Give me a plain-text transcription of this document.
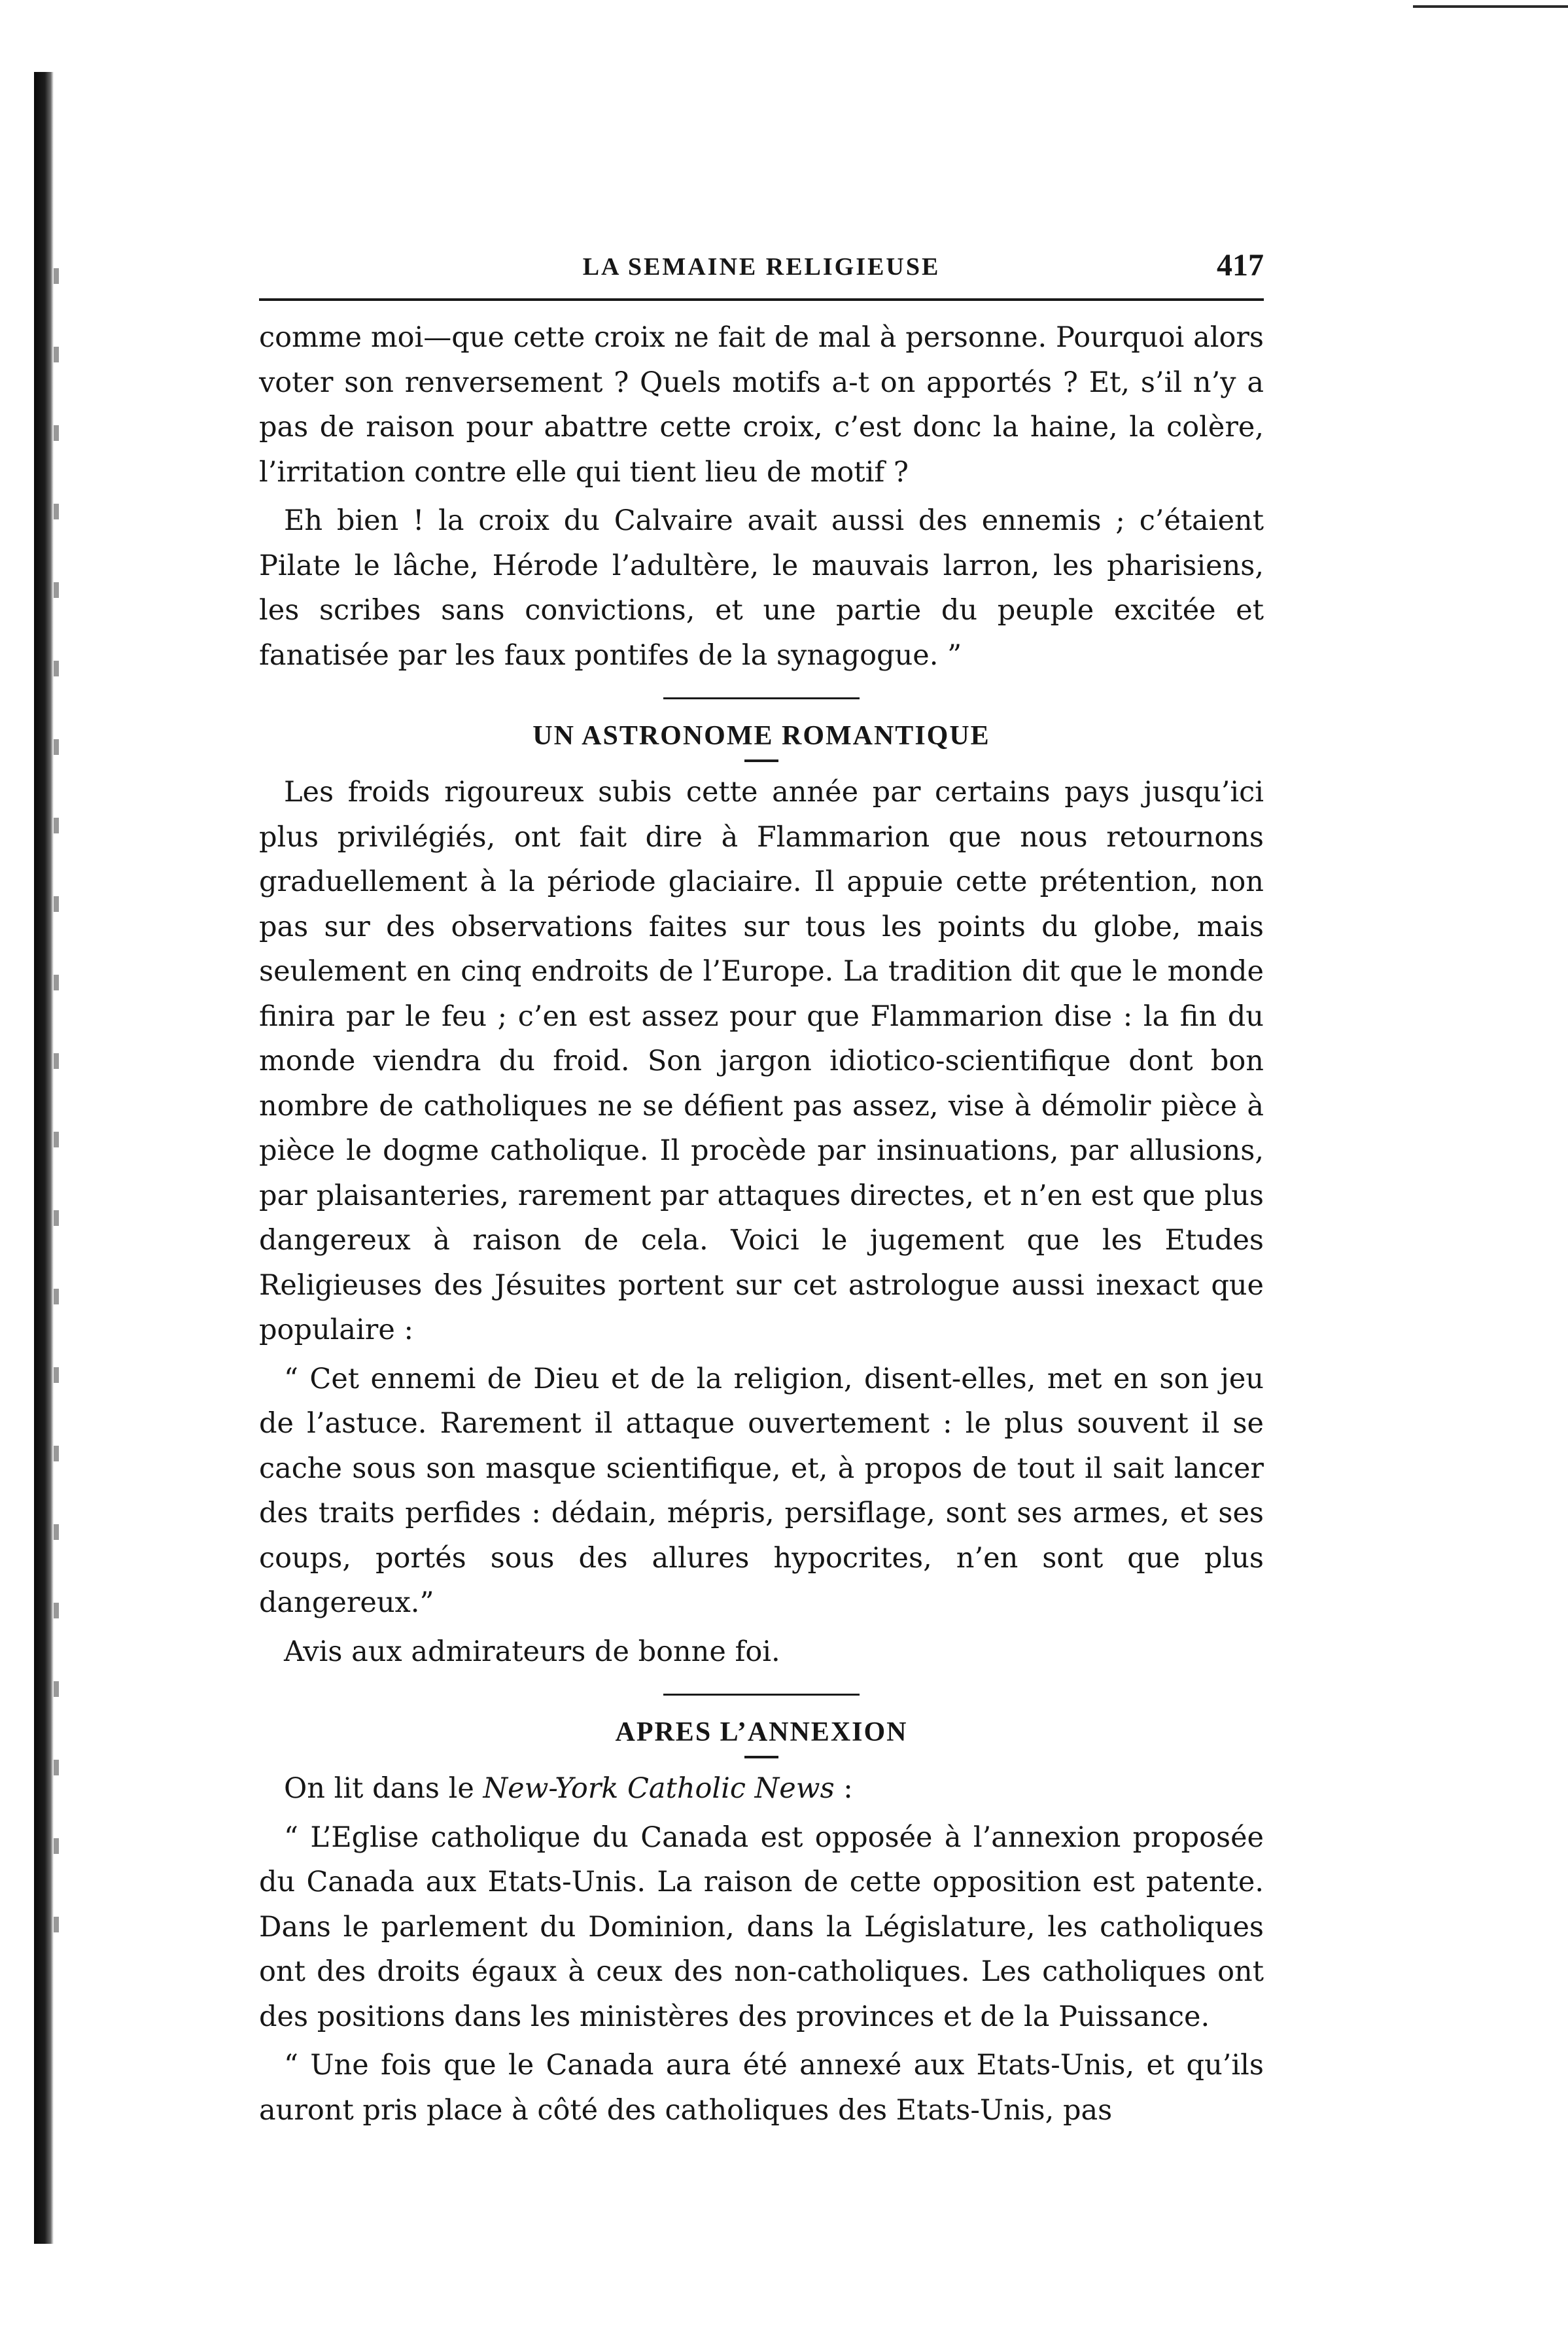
LA SEMAINE RELIGIEUSE	417

comme moi—que cette croix ne fait de mal à personne. Pourquoi alors voter son renversement ? Quels motifs a-t on apportés ? Et, s’il n’y a pas de raison pour abattre cette croix, c’est donc la haine, la colère, l’irritation contre elle qui tient lieu de motif ?

Eh bien ! la croix du Calvaire avait aussi des ennemis ; c’étaient Pilate le lâche, Hérode l’adultère, le mauvais larron, les pharisiens, les scribes sans convictions, et une partie du peuple excitée et fanatisée par les faux pontifes de la synagogue. ”

UN ASTRONOME ROMANTIQUE

Les froids rigoureux subis cette année par certains pays jusqu’ici plus privilégiés, ont fait dire à Flammarion que nous retournons graduellement à la période glaciaire. Il appuie cette prétention, non pas sur des observations faites sur tous les points du globe, mais seulement en cinq endroits de l’Europe. La tradition dit que le monde finira par le feu ; c’en est assez pour que Flammarion dise : la fin du monde viendra du froid. Son jargon idiotico-scientifique dont bon nombre de catholiques ne se défient pas assez, vise à démolir pièce à pièce le dogme catholique. Il procède par insinuations, par allusions, par plaisanteries, rarement par attaques directes, et n’en est que plus dangereux à raison de cela. Voici le jugement que les Etudes Religieuses des Jésuites portent sur cet astrologue aussi inexact que populaire :

“ Cet ennemi de Dieu et de la religion, disent-elles, met en son jeu de l’astuce. Rarement il attaque ouvertement : le plus souvent il se cache sous son masque scientifique, et, à propos de tout il sait lancer des traits perfides : dédain, mépris, persiflage, sont ses armes, et ses coups, portés sous des allures hypocrites, n’en sont que plus dangereux.”

Avis aux admirateurs de bonne foi.

APRES L’ANNEXION

On lit dans le New-York Catholic News :

“ L’Eglise catholique du Canada est opposée à l’annexion proposée du Canada aux Etats-Unis. La raison de cette opposition est patente. Dans le parlement du Dominion, dans la Législature, les catholiques ont des droits égaux à ceux des non-catholiques. Les catholiques ont des positions dans les ministères des provinces et de la Puissance.

“ Une fois que le Canada aura été annexé aux Etats-Unis, et qu’ils auront pris place à côté des catholiques des Etats-Unis, pas
